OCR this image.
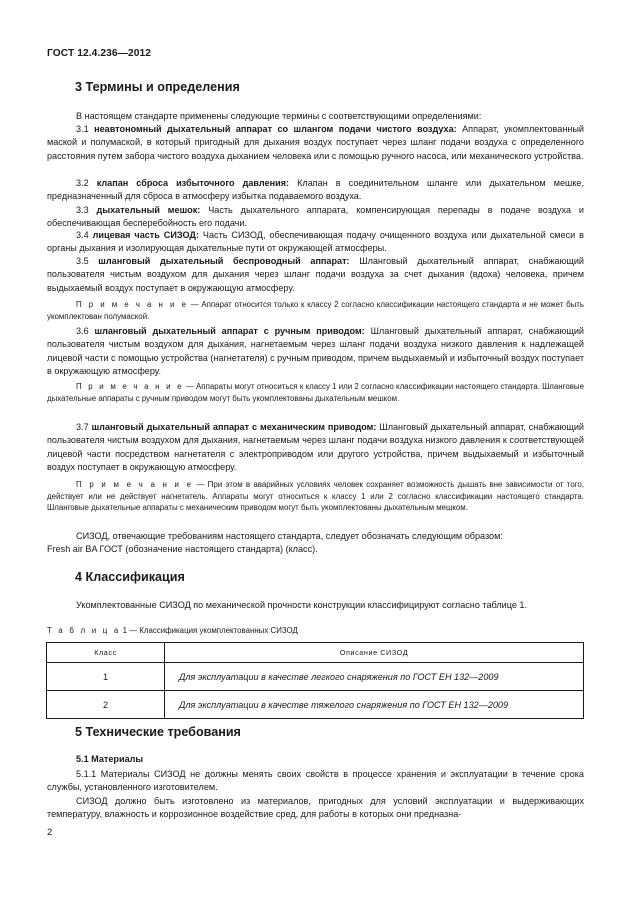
ГОСТ 12.4.236—2012
3 Термины и определения
В настоящем стандарте применены следующие термины с соответствующими определениями:
3.1 неавтономный дыхательный аппарат со шлангом подачи чистого воздуха: Аппарат, укомплектованный маской и полумаской, в который пригодный для дыхания воздух поступает через шланг подачи воздуха с определенного расстояния путем забора чистого воздуха дыханием человека или с помощью ручного насоса, или механического устройства.
3.2 клапан сброса избыточного давления: Клапан в соединительном шланге или дыхательном мешке, предназначенный для сброса в атмосферу избытка подаваемого воздуха.
3.3 дыхательный мешок: Часть дыхательного аппарата, компенсирующая перепады в подаче воздуха и обеспечивающая бесперебойность его подачи.
3.4 лицевая часть СИЗОД: Часть СИЗОД, обеспечивающая подачу очищенного воздуха или дыхательной смеси в органы дыхания и изолирующая дыхательные пути от окружающей атмосферы.
3.5 шланговый дыхательный беспроводный аппарат: Шланговый дыхательный аппарат, снабжающий пользователя чистым воздухом для дыхания через шланг подачи воздуха за счет дыхания (вдоха) человека, причем выдыхаемый воздух поступает в окружающую атмосферу.
П р и м е ч а н и е — Аппарат относится только к классу 2 согласно классификации настоящего стандарта и не может быть укомплектован полумаской.
3.6 шланговый дыхательный аппарат с ручным приводом: Шланговый дыхательный аппарат, снабжающий пользователя чистым воздухом для дыхания, нагнетаемым через шланг подачи воздуха низкого давления к надлежащей лицевой части с помощью устройства (нагнетателя) с ручным приводом, причем выдыхаемый и избыточный воздух поступает в окружающую атмосферу.
П р и м е ч а н и е — Аппараты могут относиться к классу 1 или 2 согласно классификации настоящего стандарта. Шланговые дыхательные аппараты с ручным приводом могут быть укомплектованы дыхательным мешком.
3.7 шланговый дыхательный аппарат с механическим приводом: Шланговый дыхательный аппарат, снабжающий пользователя чистым воздухом для дыхания, нагнетаемым через шланг подачи воздуха низкого давления к соответствующей лицевой части посредством нагнетателя с электроприводом или другого устройства, причем выдыхаемый и избыточный воздух поступает в окружающую атмосферу.
П р и м е ч а н и е — При этом в аварийных условиях человек сохраняет возможность дышать вне зависимости от того, действует или не действует нагнетатель. Аппараты могут относиться к классу 1 или 2 согласно классификации настоящего стандарта. Шланговые дыхательные аппараты с механическим приводом могут быть укомплектованы дыхательным мешком.
СИЗОД, отвечающие требованиям настоящего стандарта, следует обозначать следующим образом:
Fresh air BA ГОСТ (обозначение настоящего стандарта) (класс).
4 Классификация
Укомплектованные СИЗОД по механической прочности конструкции классифицируют согласно таблице 1.
Т а б л и ц а 1 — Классификация укомплектованных СИЗОД
Класс	Описание СИЗОД
1	Для эксплуатации в качестве легкого снаряжения по ГОСТ ЕН 132—2009
2	Для эксплуатации в качестве тяжелого снаряжения по ГОСТ ЕН 132—2009
5 Технические требования
5.1 Материалы
5.1.1 Материалы СИЗОД не должны менять своих свойств в процессе хранения и эксплуатации в течение срока службы, установленного изготовителем.
СИЗОД должно быть изготовлено из материалов, пригодных для условий эксплуатации и выдерживающих температуру, влажность и коррозионное воздействие сред, для работы в которых они предназна-
2
